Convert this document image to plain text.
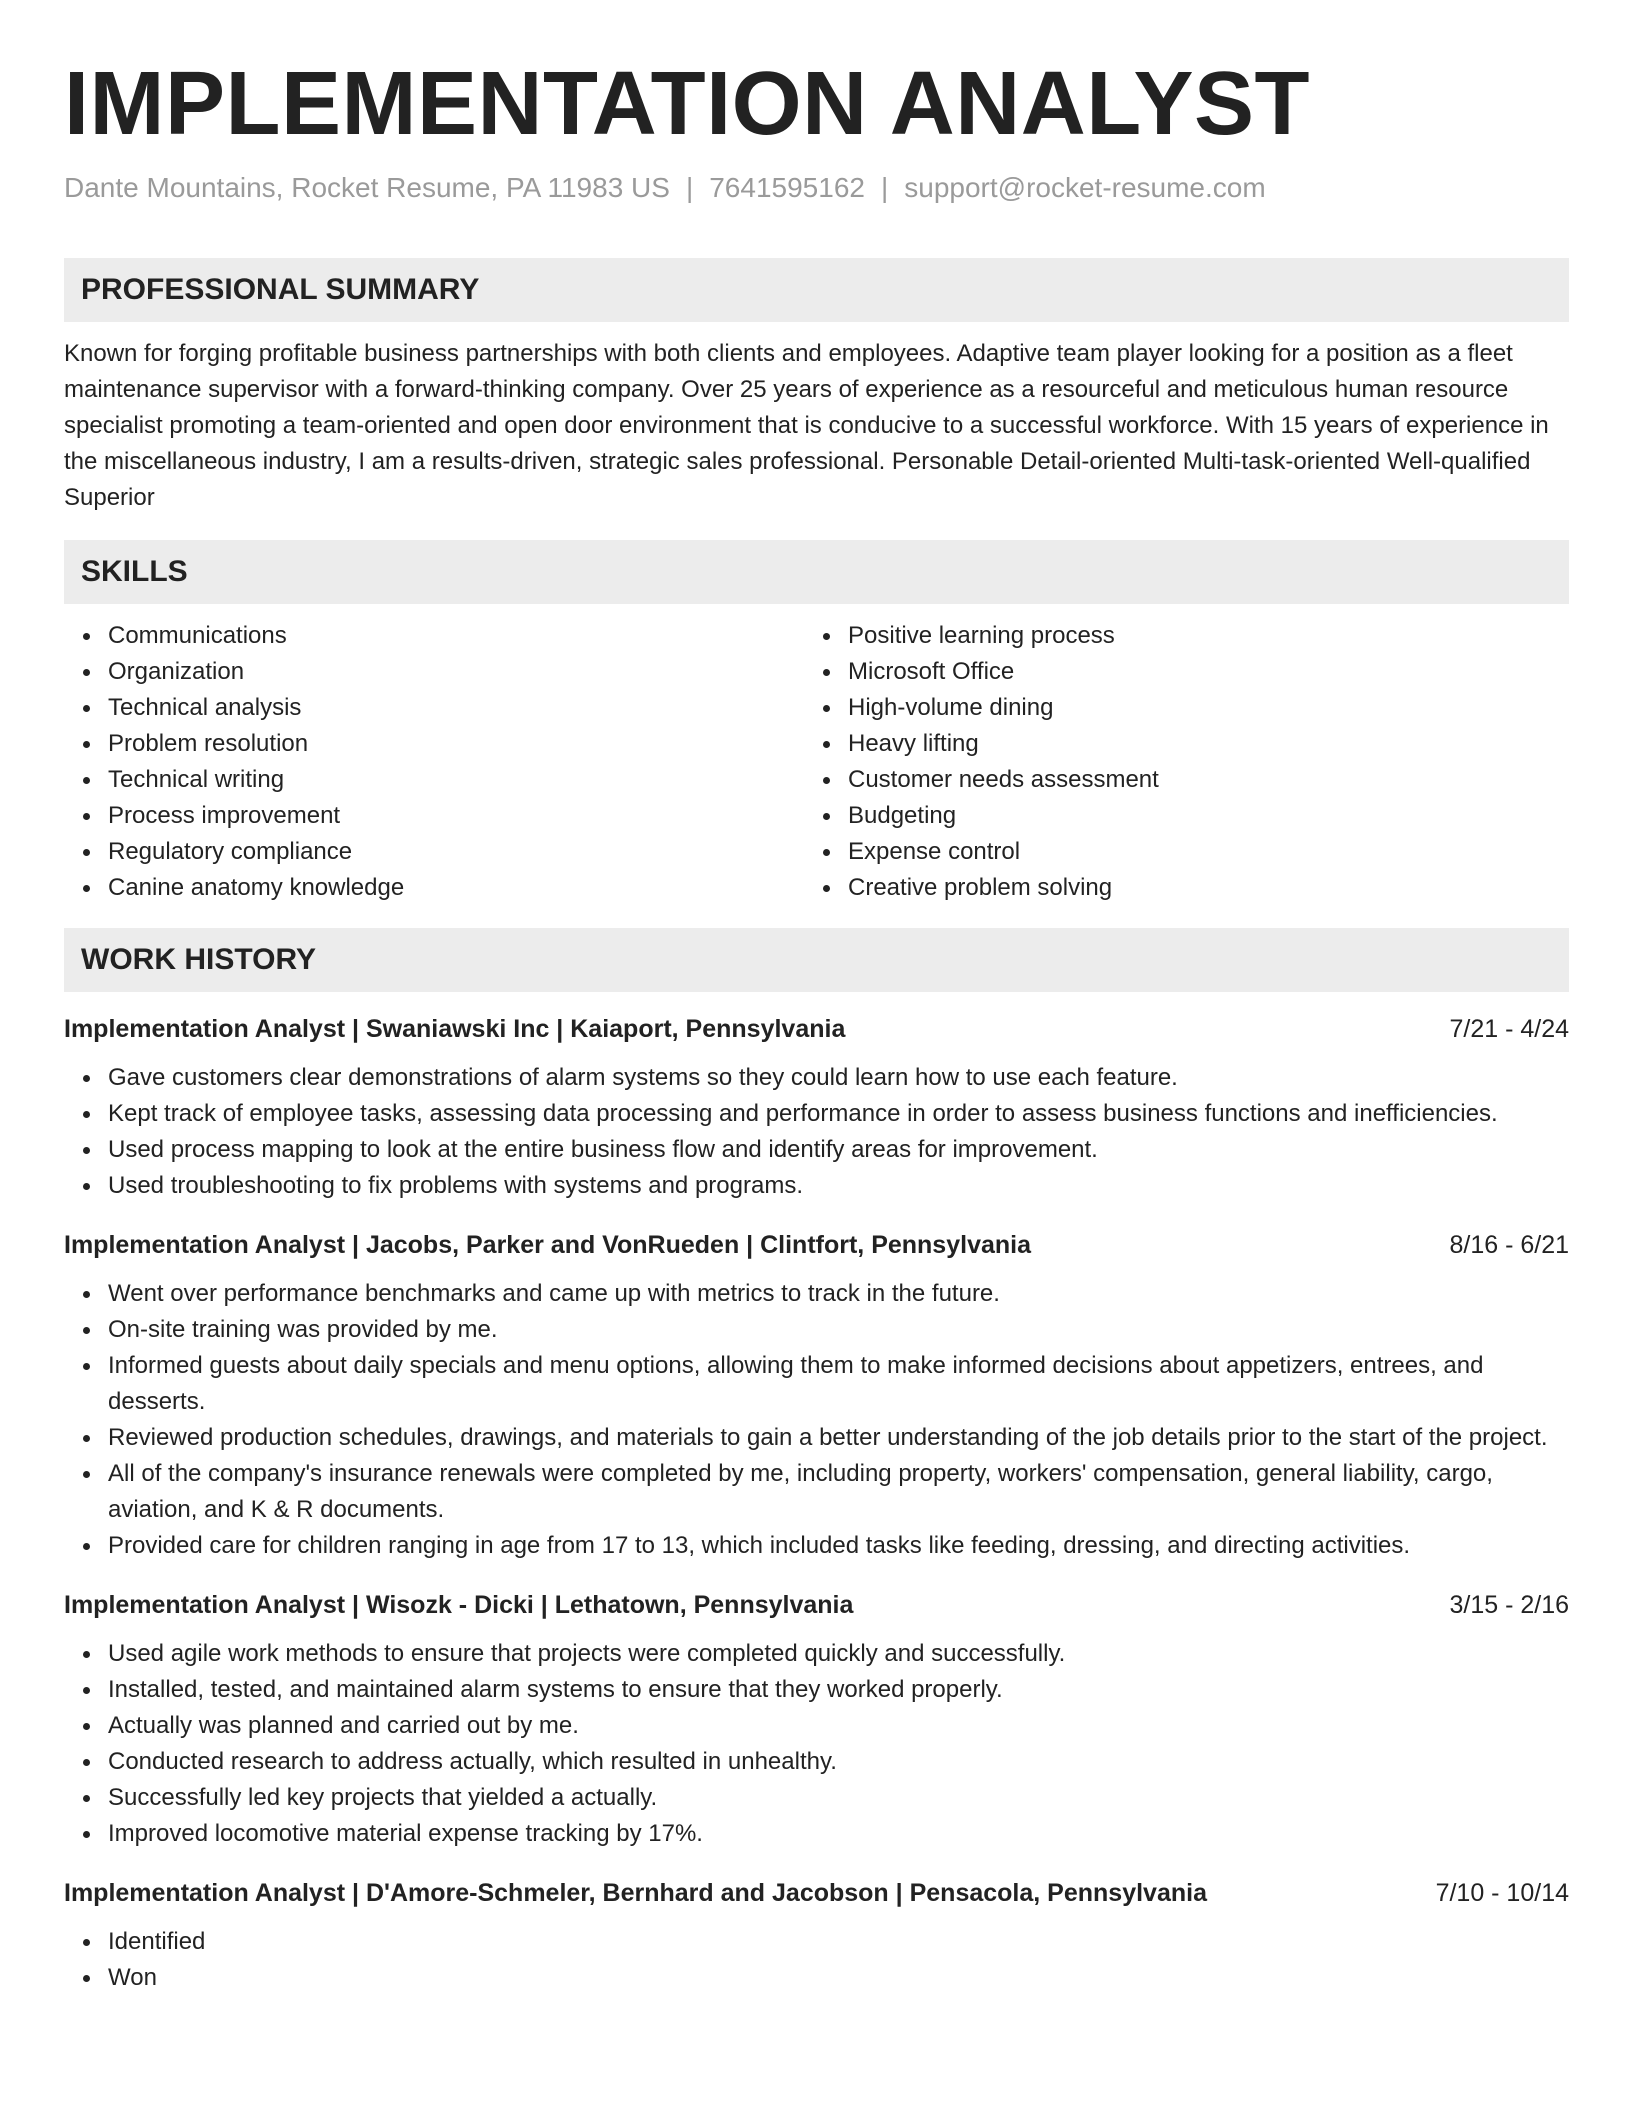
IMPLEMENTATION ANALYST
Dante Mountains, Rocket Resume, PA 11983 US | 7641595162 | support@rocket-resume.com
PROFESSIONAL SUMMARY

Known for forging profitable business partnerships with both clients and employees. Adaptive team player looking for a position as a fleet maintenance supervisor with a forward-thinking company. Over 25 years of experience as a resourceful and meticulous human resource specialist promoting a team-oriented and open door environment that is conducive to a successful workforce. With 15 years of experience in the miscellaneous industry, I am a results-driven, strategic sales professional. Personable Detail-oriented Multi-task-oriented Well-qualified Superior

SKILLS
Communications
Organization
Technical analysis
Problem resolution
Technical writing
Process improvement
Regulatory compliance
Canine anatomy knowledge
Positive learning process
Microsoft Office
High-volume dining
Heavy lifting
Customer needs assessment
Budgeting
Expense control
Creative problem solving
WORK HISTORY
Implementation Analyst | Swaniawski Inc | Kaiaport, Pennsylvania	7/21 - 4/24
Gave customers clear demonstrations of alarm systems so they could learn how to use each feature.
Kept track of employee tasks, assessing data processing and performance in order to assess business functions and inefficiencies.
Used process mapping to look at the entire business flow and identify areas for improvement.
Used troubleshooting to fix problems with systems and programs.
Implementation Analyst | Jacobs, Parker and VonRueden | Clintfort, Pennsylvania	8/16 - 6/21
Went over performance benchmarks and came up with metrics to track in the future.
On-site training was provided by me.
Informed guests about daily specials and menu options, allowing them to make informed decisions about appetizers, entrees, and desserts.
Reviewed production schedules, drawings, and materials to gain a better understanding of the job details prior to the start of the project.
All of the company's insurance renewals were completed by me, including property, workers' compensation, general liability, cargo, aviation, and K & R documents.
Provided care for children ranging in age from 17 to 13, which included tasks like feeding, dressing, and directing activities.
Implementation Analyst | Wisozk - Dicki | Lethatown, Pennsylvania	3/15 - 2/16
Used agile work methods to ensure that projects were completed quickly and successfully.
Installed, tested, and maintained alarm systems to ensure that they worked properly.
Actually was planned and carried out by me.
Conducted research to address actually, which resulted in unhealthy.
Successfully led key projects that yielded a actually.
Improved locomotive material expense tracking by 17%.
Implementation Analyst | D'Amore-Schmeler, Bernhard and Jacobson | Pensacola, Pennsylvania	7/10 - 10/14
Identified
Won
